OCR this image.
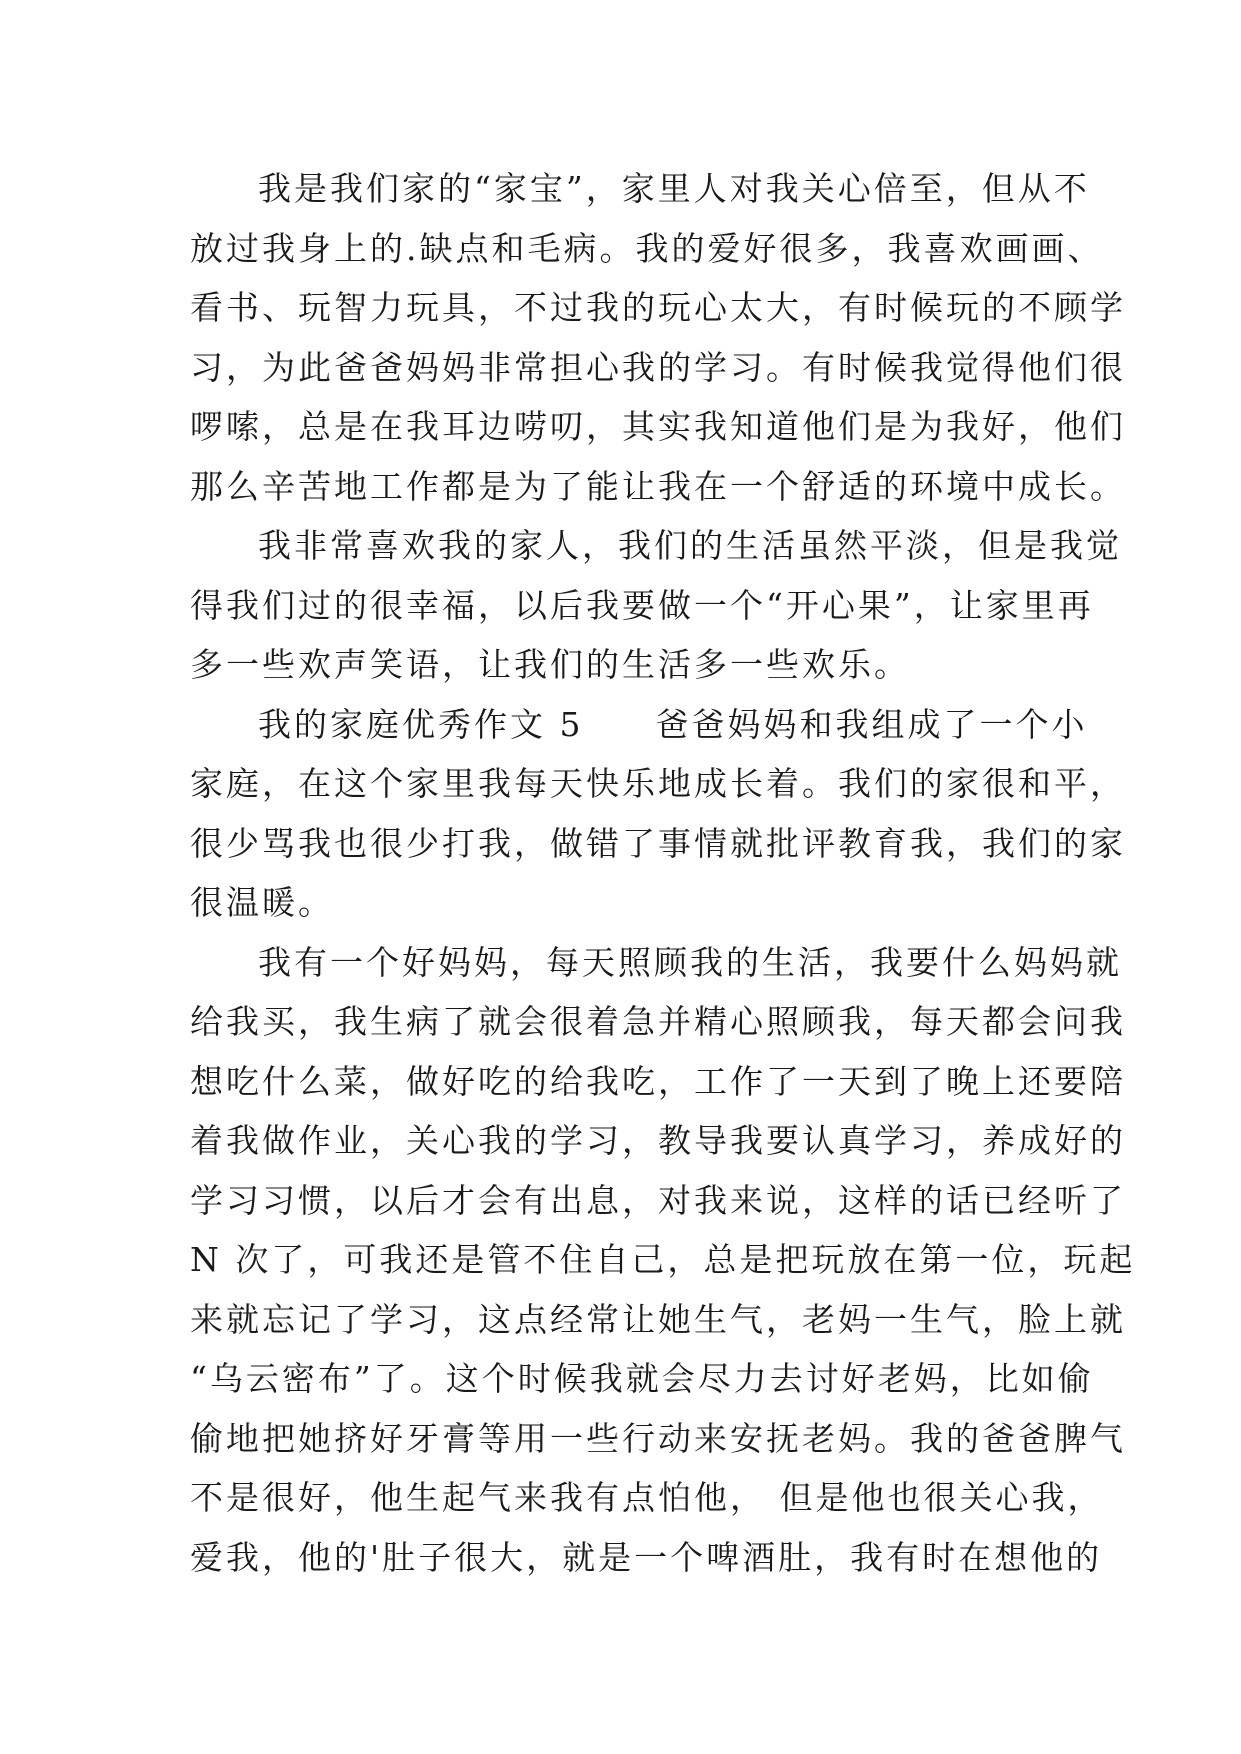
我是我们家的“家宝”，家里人对我关心倍至，但从不
放过我身上的.缺点和毛病。我的爱好很多，我喜欢画画、
看书、玩智力玩具，不过我的玩心太大，有时候玩的不顾学
习，为此爸爸妈妈非常担心我的学习。有时候我觉得他们很
啰嗦，总是在我耳边唠叨，其实我知道他们是为我好，他们
那么辛苦地工作都是为了能让我在一个舒适的环境中成长。
我非常喜欢我的家人，我们的生活虽然平淡，但是我觉
得我们过的很幸福，以后我要做一个“开心果”，让家里再
多一些欢声笑语，让我们的生活多一些欢乐。
我的家庭优秀作文 5　　爸爸妈妈和我组成了一个小
家庭，在这个家里我每天快乐地成长着。我们的家很和平，
很少骂我也很少打我，做错了事情就批评教育我，我们的家
很温暖。
我有一个好妈妈，每天照顾我的生活，我要什么妈妈就
给我买，我生病了就会很着急并精心照顾我，每天都会问我
想吃什么菜，做好吃的给我吃，工作了一天到了晚上还要陪
着我做作业，关心我的学习，教导我要认真学习，养成好的
学习习惯，以后才会有出息，对我来说，这样的话已经听了
N 次了，可我还是管不住自己，总是把玩放在第一位，玩起
来就忘记了学习，这点经常让她生气，老妈一生气，脸上就
“乌云密布”了。这个时候我就会尽力去讨好老妈，比如偷
偷地把她挤好牙膏等用一些行动来安抚老妈。我的爸爸脾气
不是很好，他生起气来我有点怕他， 但是他也很关心我，
爱我，他的'肚子很大，就是一个啤酒肚，我有时在想他的
